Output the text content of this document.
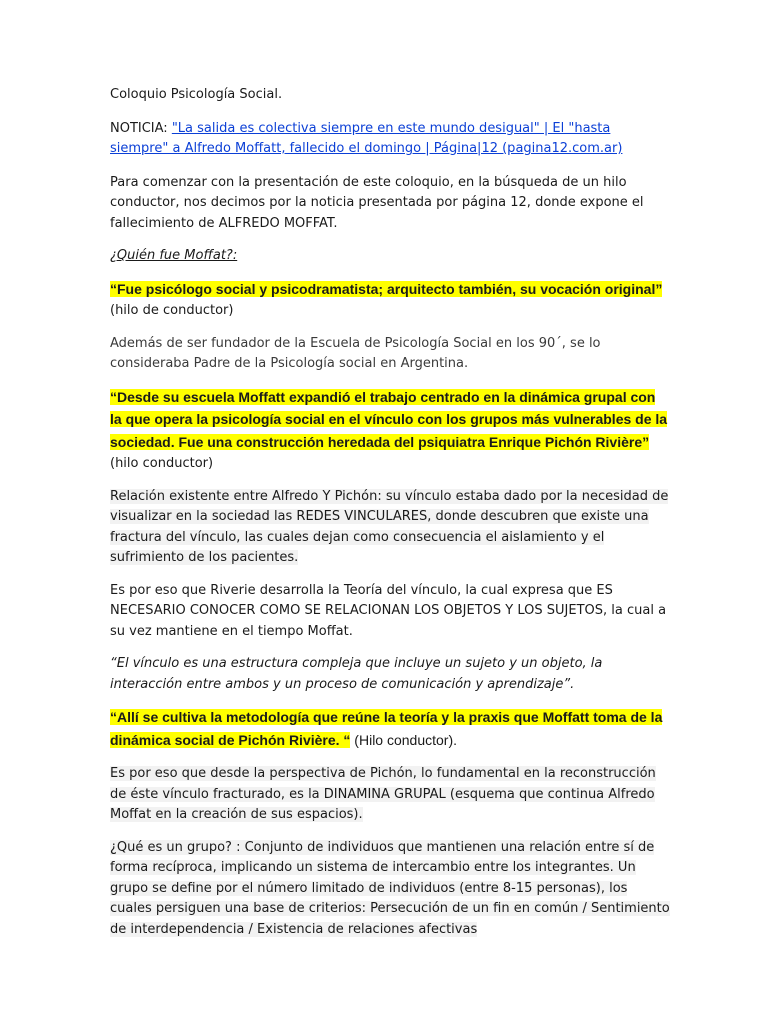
Coloquio Psicología Social.

NOTICIA: "La salida es colectiva siempre en este mundo desigual" | El "hasta siempre" a Alfredo Moffatt, fallecido el domingo | Página|12 (pagina12.com.ar)

Para comenzar con la presentación de este coloquio, en la búsqueda de un hilo conductor, nos decimos por la noticia presentada por página 12, donde expone el fallecimiento de ALFREDO MOFFAT.

¿Quién fue Moffat?:

“Fue psicólogo social y psicodramatista; arquitecto también, su vocación original”
(hilo de conductor)

Además de ser fundador de la Escuela de Psicología Social en los 90´, se lo consideraba Padre de la Psicología social en Argentina.

“Desde su escuela Moffatt expandió el trabajo centrado en la dinámica grupal con la que opera la psicología social en el vínculo con los grupos más vulnerables de la sociedad. Fue una construcción heredada del psiquiatra Enrique Pichón Rivière” (hilo conductor)

Relación existente entre Alfredo Y Pichón: su vínculo estaba dado por la necesidad de visualizar en la sociedad las REDES VINCULARES, donde descubren que existe una fractura del vínculo, las cuales dejan como consecuencia el aislamiento y el sufrimiento de los pacientes.

Es por eso que Riverie desarrolla la Teoría del vínculo, la cual expresa que ES NECESARIO CONOCER COMO SE RELACIONAN LOS OBJETOS Y LOS SUJETOS, la cual a su vez mantiene en el tiempo Moffat.

“El vínculo es una estructura compleja que incluye un sujeto y un objeto, la interacción entre ambos y un proceso de comunicación y aprendizaje”.

“Allí se cultiva la metodología que reúne la teoría y la praxis que Moffatt toma de la dinámica social de Pichón Rivière. “ (Hilo conductor).

Es por eso que desde la perspectiva de Pichón, lo fundamental en la reconstrucción de éste vínculo fracturado, es la DINAMINA GRUPAL (esquema que continua Alfredo Moffat en la creación de sus espacios).

¿Qué es un grupo? : Conjunto de individuos que mantienen una relación entre sí de forma recíproca, implicando un sistema de intercambio entre los integrantes. Un grupo se define por el número limitado de individuos (entre 8-15 personas), los cuales persiguen una base de criterios: Persecución de un fin en común / Sentimiento de interdependencia / Existencia de relaciones afectivas
